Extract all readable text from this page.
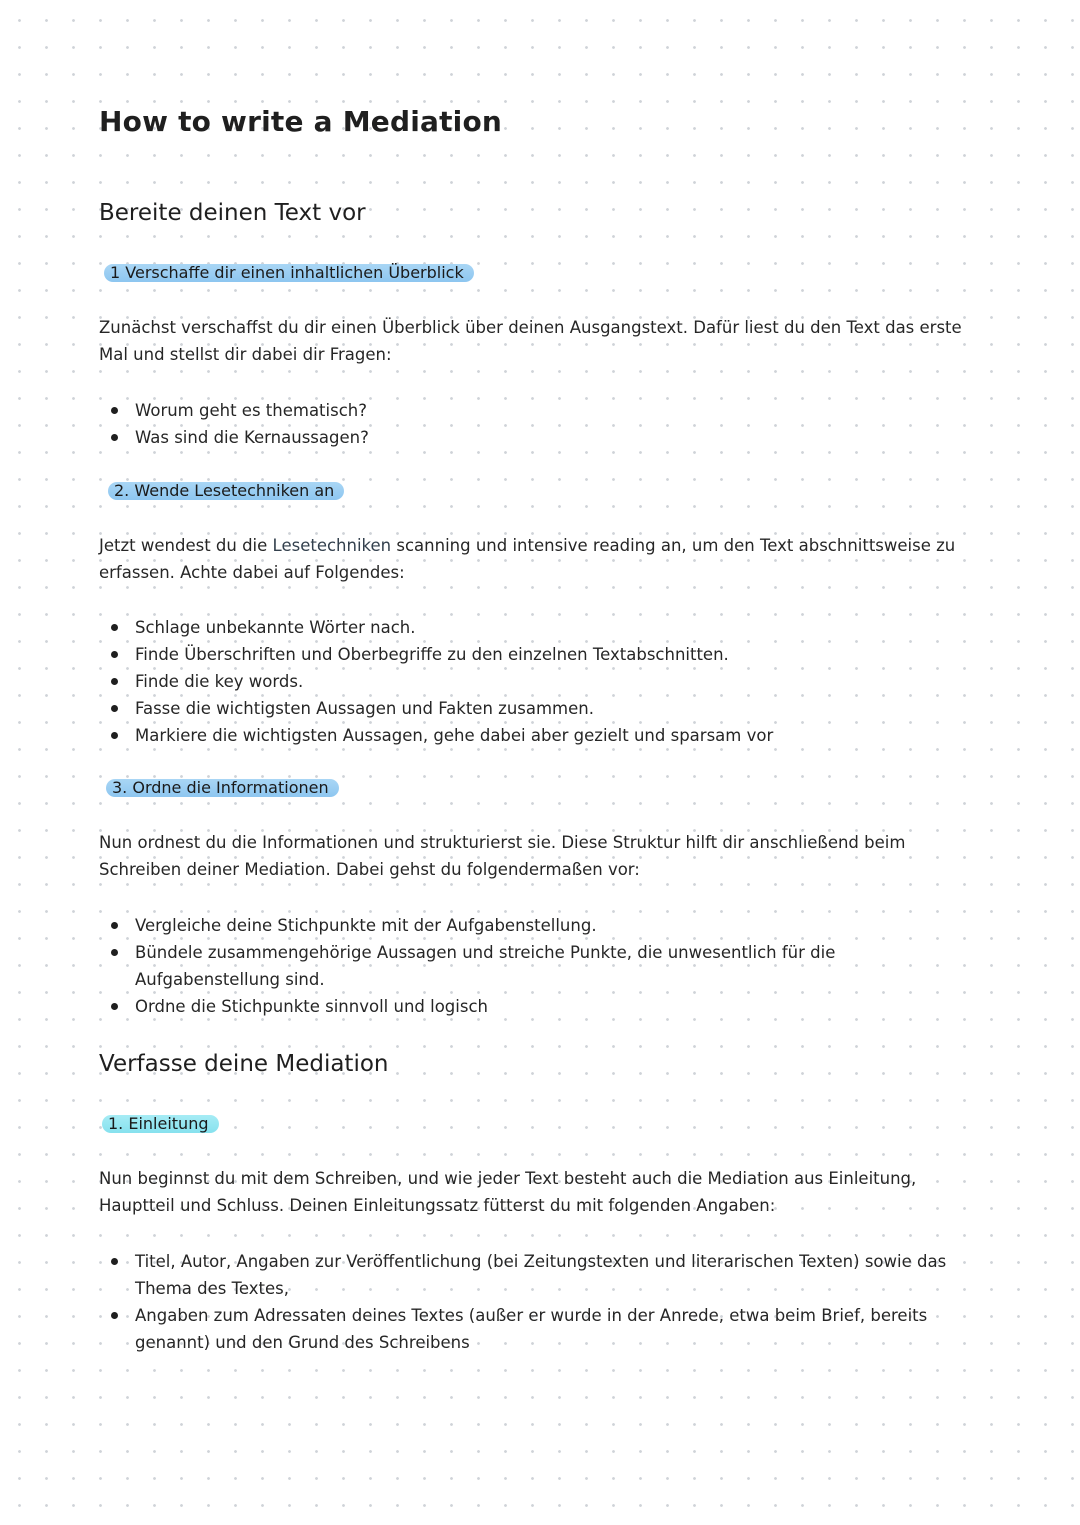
How to write a Mediation
Bereite deinen Text vor
1 Verschaffe dir einen inhaltlichen Überblick

Zunächst verschaffst du dir einen Überblick über deinen Ausgangstext. Dafür liest du den Text das erste Mal und stellst dir dabei dir Fragen:

Worum geht es thematisch?
Was sind die Kernaussagen?
2. Wende Lesetechniken an

Jetzt wendest du die Lesetechniken scanning und intensive reading an, um den Text abschnittsweise zu erfassen. Achte dabei auf Folgendes:

Schlage unbekannte Wörter nach.
Finde Überschriften und Oberbegriffe zu den einzelnen Textabschnitten.
Finde die key words.
Fasse die wichtigsten Aussagen und Fakten zusammen.
Markiere die wichtigsten Aussagen, gehe dabei aber gezielt und sparsam vor
3. Ordne die Informationen

Nun ordnest du die Informationen und strukturierst sie. Diese Struktur hilft dir anschließend beim Schreiben deiner Mediation. Dabei gehst du folgendermaßen vor:

Vergleiche deine Stichpunkte mit der Aufgabenstellung.
Bündele zusammengehörige Aussagen und streiche Punkte, die unwesentlich für die Aufgabenstellung sind.
Ordne die Stichpunkte sinnvoll und logisch
Verfasse deine Mediation
1. Einleitung

Nun beginnst du mit dem Schreiben, und wie jeder Text besteht auch die Mediation aus Einleitung, Hauptteil und Schluss. Deinen Einleitungssatz fütterst du mit folgenden Angaben:

Titel, Autor, Angaben zur Veröffentlichung (bei Zeitungstexten und literarischen Texten) sowie das Thema des Textes,
Angaben zum Adressaten deines Textes (außer er wurde in der Anrede, etwa beim Brief, bereits genannt) und den Grund des Schreibens
